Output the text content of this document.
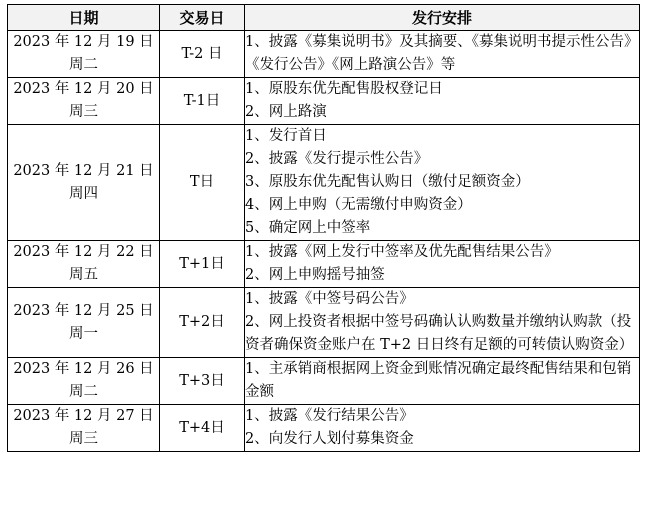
日期	交易日	发行安排

2023 年 12 月 19 日
周二	T-2 日	1、披露《募集说明书》及其摘要、《募集说明书提示性公告》《发行公告》《网上路演公告》等

2023 年 12 月 20 日
周三	T-1日	1、原股东优先配售股权登记日
2、网上路演

2023 年 12 月 21 日
周四	T日	1、发行首日
2、披露《发行提示性公告》
3、原股东优先配售认购日（缴付足额资金）
4、网上申购（无需缴付申购资金）
5、确定网上中签率

2023 年 12 月 22 日
周五	T+1日	1、披露《网上发行中签率及优先配售结果公告》
2、网上申购摇号抽签

2023 年 12 月 25 日
周一	T+2日	1、披露《中签号码公告》
2、网上投资者根据中签号码确认认购数量并缴纳认购款（投资者确保资金账户在 T+2 日日终有足额的可转债认购资金）

2023 年 12 月 26 日
周二	T+3日	1、主承销商根据网上资金到账情况确定最终配售结果和包销金额

2023 年 12 月 27 日
周三	T+4日	1、披露《发行结果公告》
2、向发行人划付募集资金
